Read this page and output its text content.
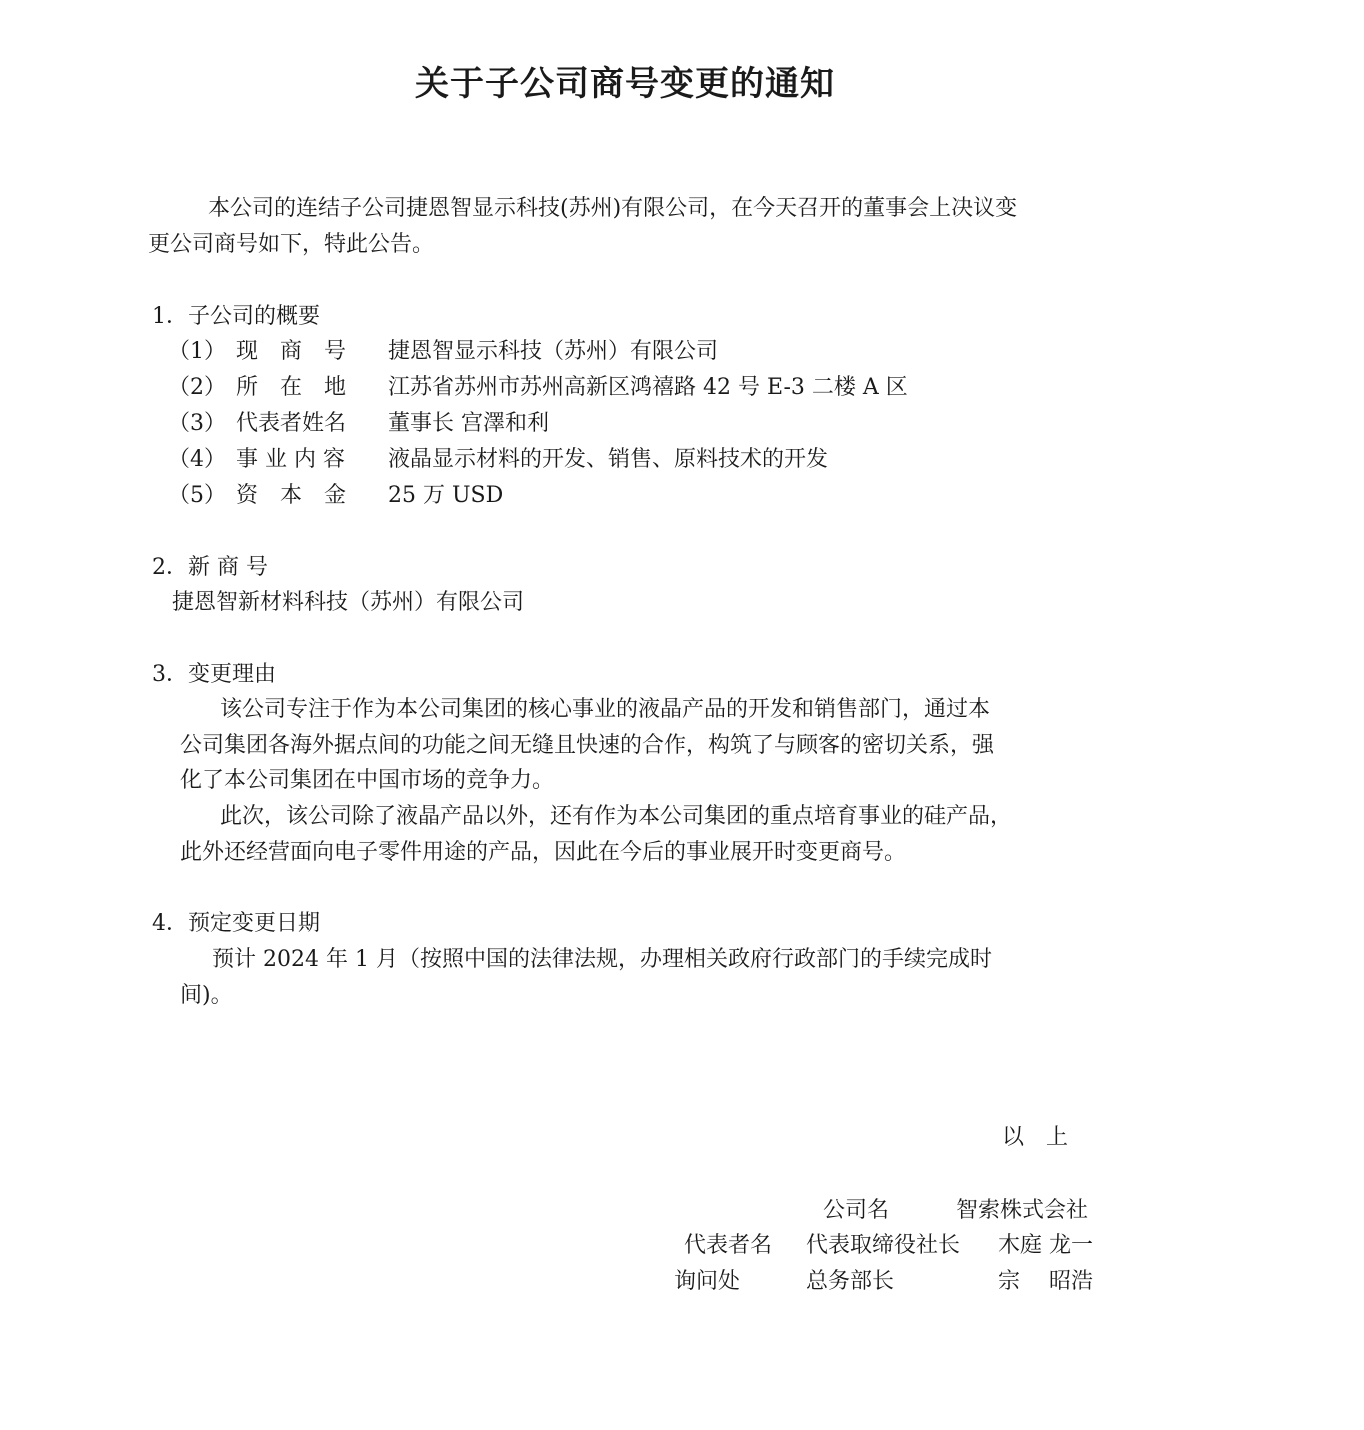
关于子公司商号变更的通知
本公司的连结子公司捷恩智显示科技(苏州)有限公司，在今天召开的董事会上决议变
更公司商号如下，特此公告。
1．子公司的概要
（1） 现　商　号 捷恩智显示科技（苏州）有限公司
（2） 所　在　地 江苏省苏州市苏州高新区鸿禧路 42 号 E-3 二楼 A 区
（3） 代表者姓名 董事长 宫澤和利
（4） 事 业 内 容 液晶显示材料的开发、销售、原料技术的开发
（5） 资　本　金 25 万 USD
2．新 商 号
捷恩智新材料科技（苏州）有限公司
3．变更理由
该公司专注于作为本公司集团的核心事业的液晶产品的开发和销售部门，通过本
公司集团各海外据点间的功能之间无缝且快速的合作，构筑了与顾客的密切关系，强
化了本公司集团在中国市场的竞争力。
此次，该公司除了液晶产品以外，还有作为本公司集团的重点培育事业的硅产品，
此外还经营面向电子零件用途的产品，因此在今后的事业展开时变更商号。
4．预定变更日期
预计 2024 年 1 月（按照中国的法律法规，办理相关政府行政部门的手续完成时
间)。
以　上
公司名	智索株式会社
代表者名 代表取缔役社长 木庭 龙一
询问处	总务部长	宗　 昭浩
